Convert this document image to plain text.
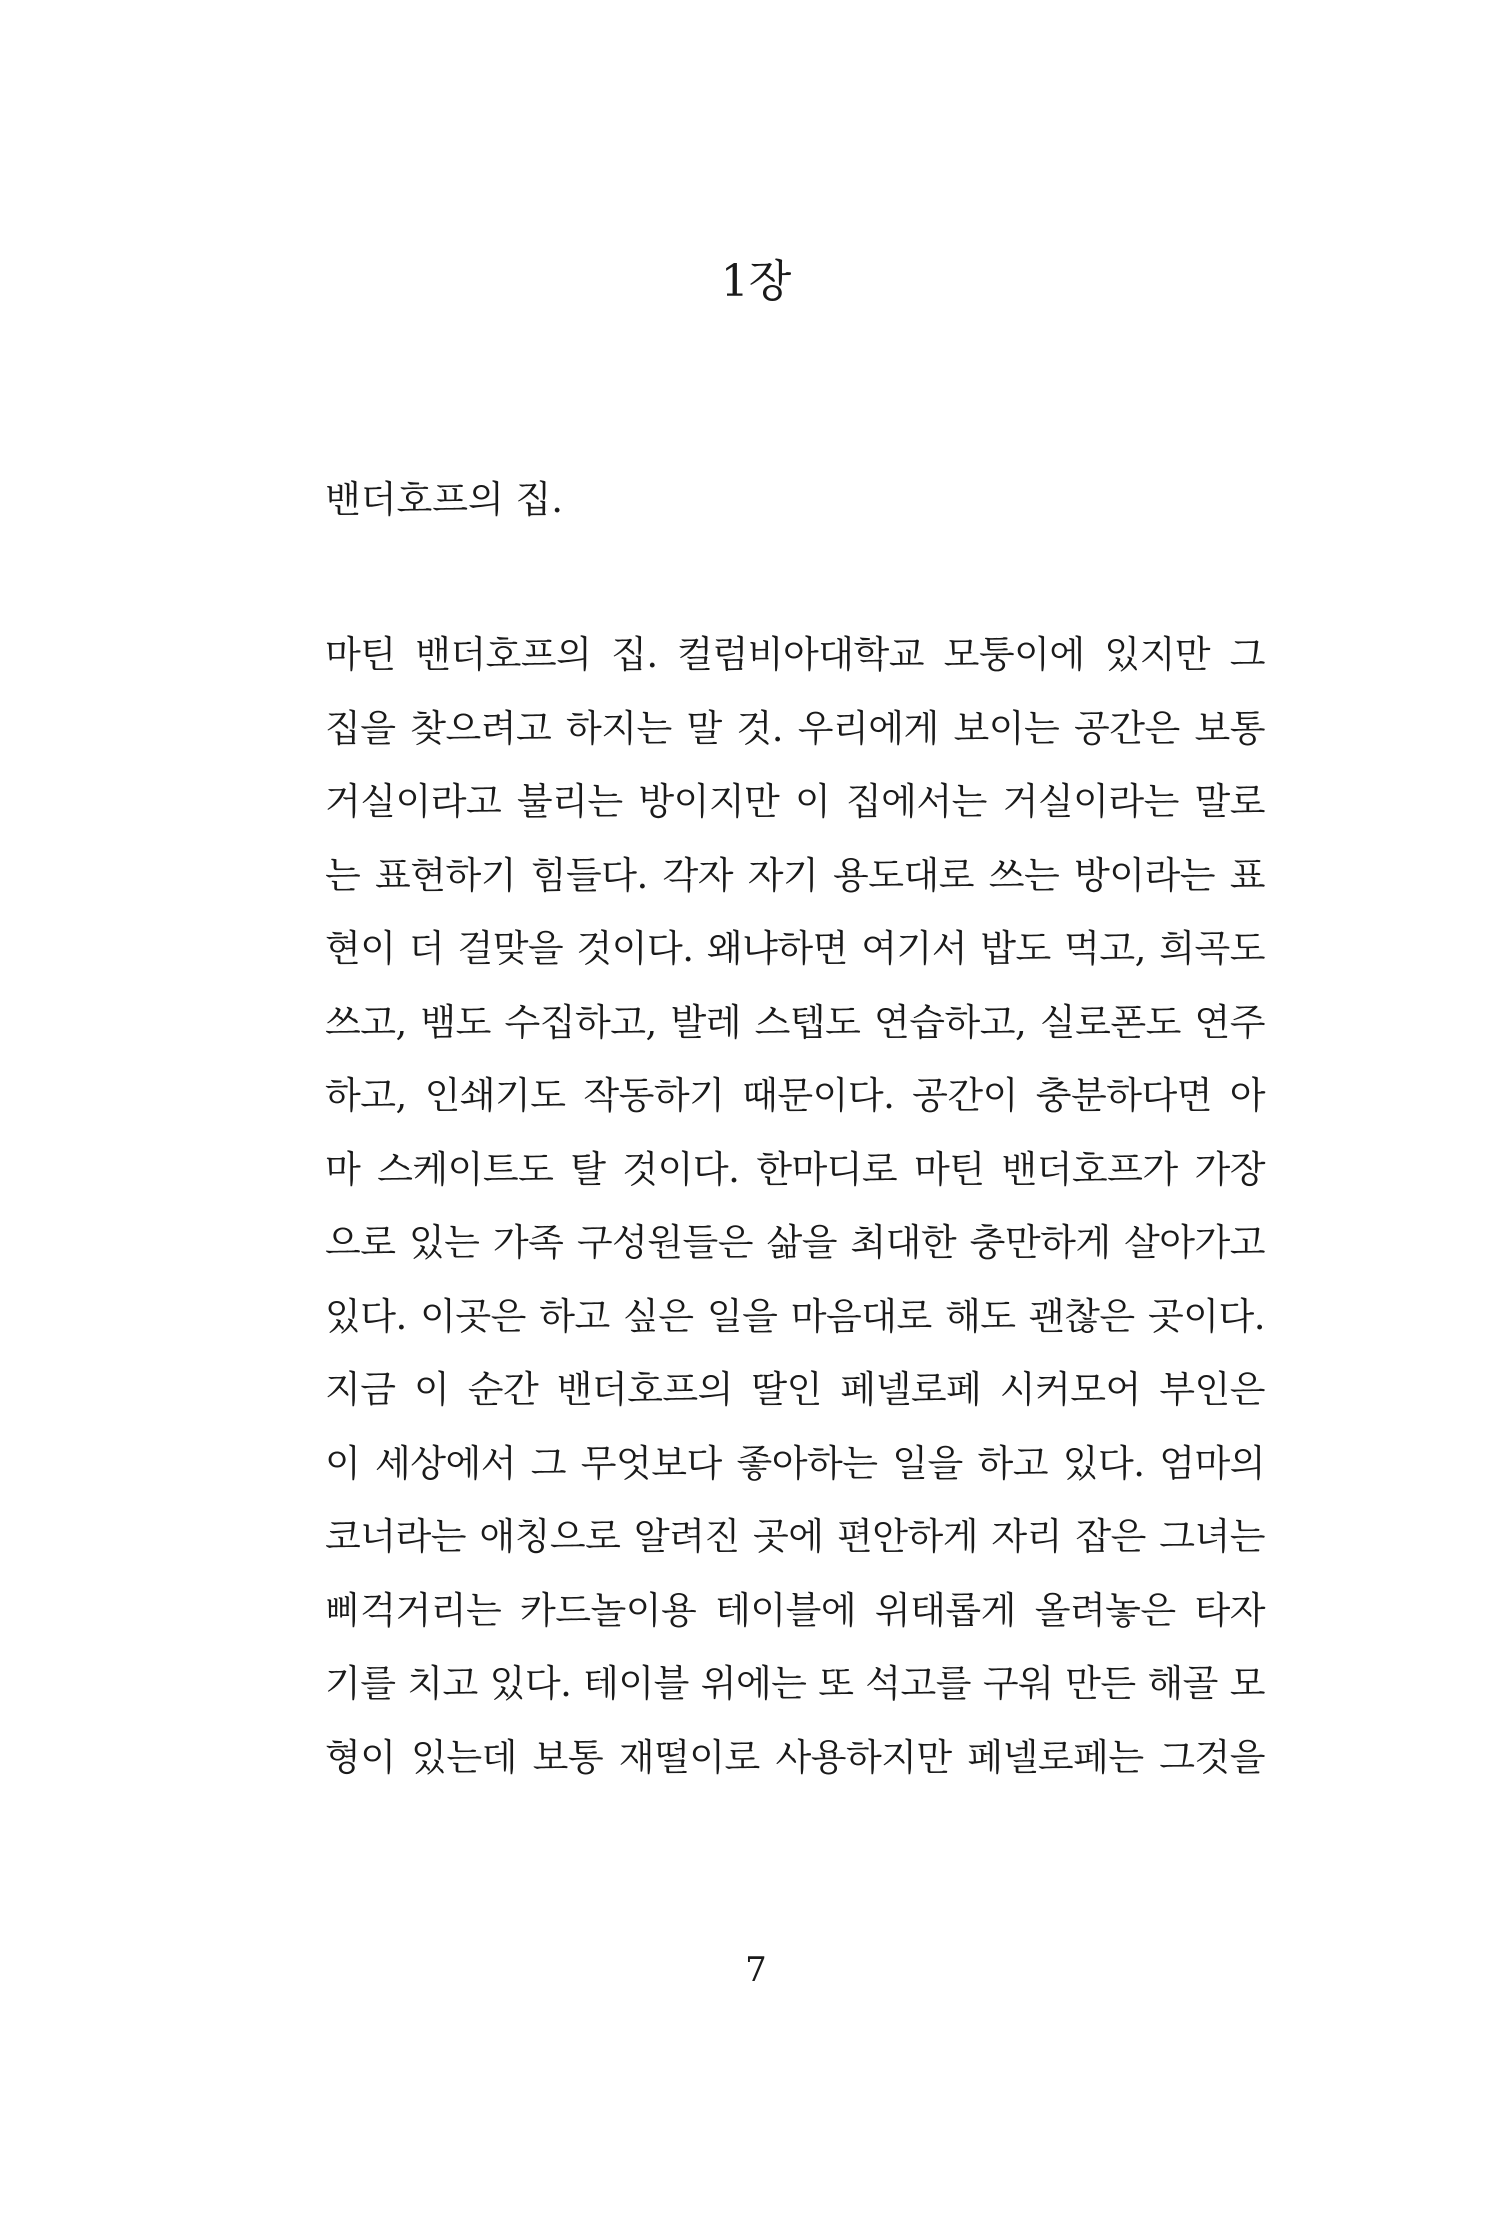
1장

밴더호프의 집.

마틴 밴더호프의 집. 컬럼비아대학교 모퉁이에 있지만 그
집을 찾으려고 하지는 말 것. 우리에게 보이는 공간은 보통
거실이라고 불리는 방이지만 이 집에서는 거실이라는 말로
는 표현하기 힘들다. 각자 자기 용도대로 쓰는 방이라는 표
현이 더 걸맞을 것이다. 왜냐하면 여기서 밥도 먹고, 희곡도
쓰고, 뱀도 수집하고, 발레 스텝도 연습하고, 실로폰도 연주
하고, 인쇄기도 작동하기 때문이다. 공간이 충분하다면 아
마 스케이트도 탈 것이다. 한마디로 마틴 밴더호프가 가장
으로 있는 가족 구성원들은 삶을 최대한 충만하게 살아가고
있다. 이곳은 하고 싶은 일을 마음대로 해도 괜찮은 곳이다.
지금 이 순간 밴더호프의 딸인 페넬로페 시커모어 부인은
이 세상에서 그 무엇보다 좋아하는 일을 하고 있다. 엄마의
코너라는 애칭으로 알려진 곳에 편안하게 자리 잡은 그녀는
삐걱거리는 카드놀이용 테이블에 위태롭게 올려놓은 타자
기를 치고 있다. 테이블 위에는 또 석고를 구워 만든 해골 모
형이 있는데 보통 재떨이로 사용하지만 페넬로페는 그것을

7
